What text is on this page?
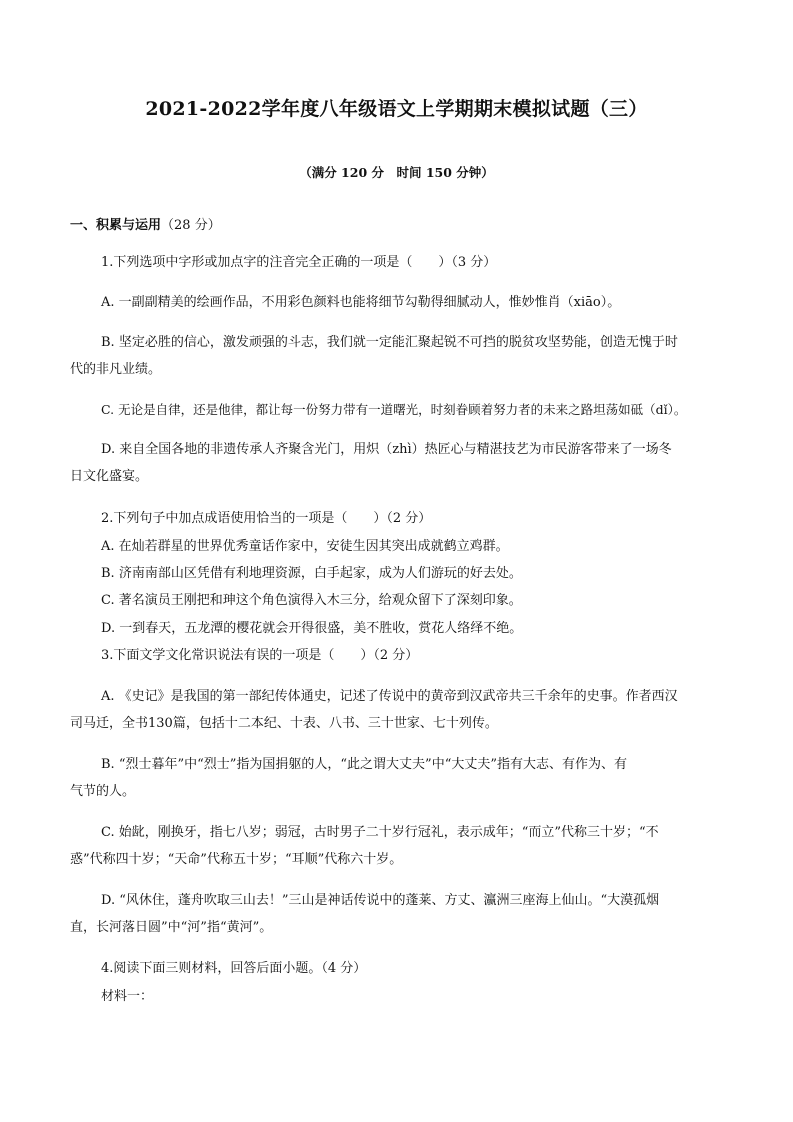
2021-2022学年度八年级语文上学期期末模拟试题（三）
（满分 120 分　时间 150 分钟）
一、积累与运用（28 分）
1.下列选项中字形或加点字的注音完全正确的一项是（　　）（3 分）
A. 一副副精美的绘画作品，不用彩色颜料也能将细节勾勒得细腻动人，惟妙惟肖（xiāo）。
B. 坚定必胜的信心，激发顽强的斗志，我们就一定能汇聚起锐不可挡的脱贫攻坚势能，创造无愧于时
代的非凡业绩。
C. 无论是自律，还是他律，都让每一份努力带有一道曙光，时刻眷顾着努力者的未来之路坦荡如砥（dǐ）。
D. 来自全国各地的非遗传承人齐聚含光门，用炽（zhì）热匠心与精湛技艺为市民游客带来了一场冬
日文化盛宴。
2.下列句子中加点成语使用恰当的一项是（　　）（2 分）
A. 在灿若群星的世界优秀童话作家中，安徒生因其突出成就鹤立鸡群。
B. 济南南部山区凭借有利地理资源，白手起家，成为人们游玩的好去处。
C. 著名演员王刚把和珅这个角色演得入木三分，给观众留下了深刻印象。
D. 一到春天，五龙潭的樱花就会开得很盛，美不胜收，赏花人络绎不绝。
3.下面文学文化常识说法有误的一项是（　　）（2 分）
A. 《史记》是我国的第一部纪传体通史，记述了传说中的黄帝到汉武帝共三千余年的史事。作者西汉
司马迁，全书130篇，包括十二本纪、十表、八书、三十世家、七十列传。
B. “烈士暮年”中“烈士”指为国捐躯的人，“此之谓大丈夫”中“大丈夫”指有大志、有作为、有
气节的人。
C. 始龀，刚换牙，指七八岁；弱冠，古时男子二十岁行冠礼，表示成年；“而立”代称三十岁；“不
惑”代称四十岁；“天命”代称五十岁；“耳顺”代称六十岁。
D. “风休住，蓬舟吹取三山去！”三山是神话传说中的蓬莱、方丈、瀛洲三座海上仙山。“大漠孤烟
直，长河落日圆”中“河”指“黄河”。
4.阅读下面三则材料，回答后面小题。（4 分）
材料一：
